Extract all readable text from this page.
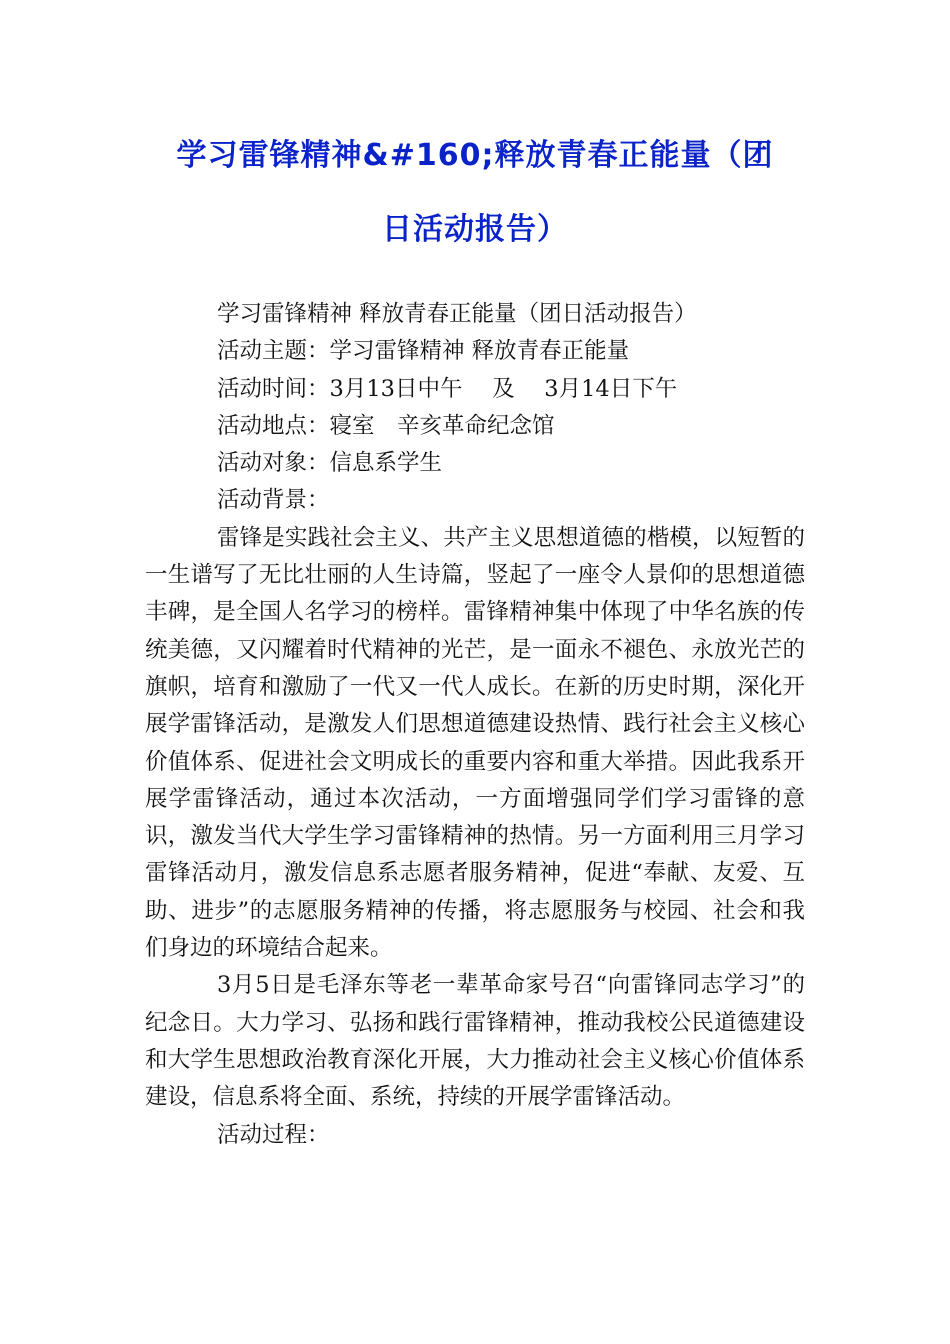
学习雷锋精神&#160;释放青春正能量（团
日活动报告）
学习雷锋精神 释放青春正能量（团日活动报告）
活动主题：学习雷锋精神 释放青春正能量
活动时间：3月13日中午　 及　 3月14日下午
活动地点：寝室　辛亥革命纪念馆
活动对象：信息系学生
活动背景：
雷锋是实践社会主义、共产主义思想道德的楷模，以短暂的一生谱写了无比壮丽的人生诗篇，竖起了一座令人景仰的思想道德丰碑，是全国人名学习的榜样。雷锋精神集中体现了中华名族的传统美德，又闪耀着时代精神的光芒，是一面永不褪色、永放光芒的旗帜，培育和激励了一代又一代人成长。在新的历史时期，深化开展学雷锋活动，是激发人们思想道德建设热情、践行社会主义核心价值体系、促进社会文明成长的重要内容和重大举措。因此我系开展学雷锋活动，通过本次活动，一方面增强同学们学习雷锋的意识，激发当代大学生学习雷锋精神的热情。另一方面利用三月学习雷锋活动月，激发信息系志愿者服务精神，促进“奉献、友爱、互助、进步”的志愿服务精神的传播，将志愿服务与校园、社会和我们身边的环境结合起来。
3月5日是毛泽东等老一辈革命家号召“向雷锋同志学习”的纪念日。大力学习、弘扬和践行雷锋精神，推动我校公民道德建设和大学生思想政治教育深化开展，大力推动社会主义核心价值体系建设，信息系将全面、系统，持续的开展学雷锋活动。
活动过程：
